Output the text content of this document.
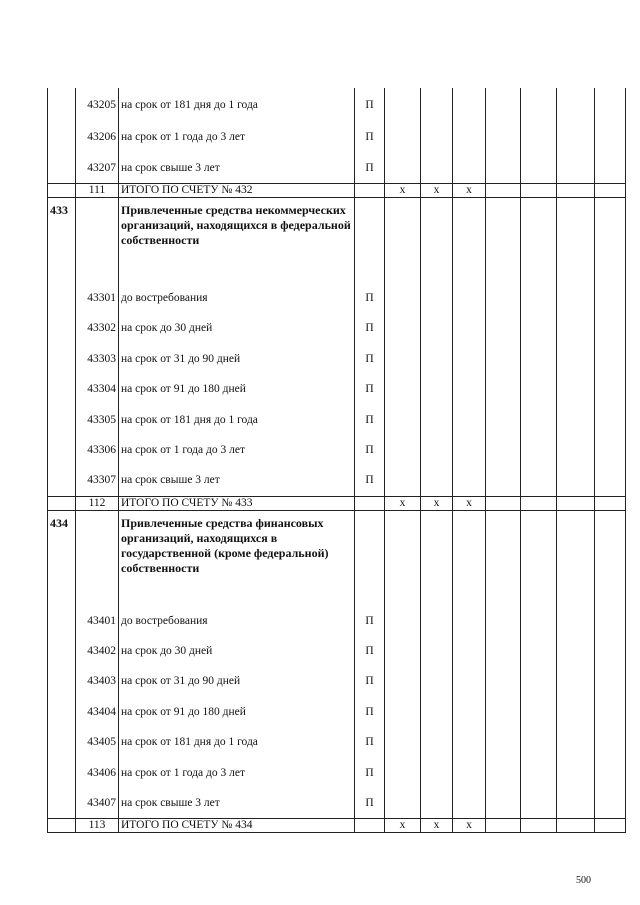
	43205	на срок от 181 дня до 1 года	П							
	43206	на срок от 1 года до 3 лет	П							
	43207	на срок свыше 3 лет	П							
	111	ИТОГО ПО СЧЕТУ № 432		х	х	х				
433		Привлеченные средства некоммерческих организаций, находящихся в федеральной собственности								
	43301	до востребования	П							
	43302	на срок до 30 дней	П							
	43303	на срок от 31 до 90 дней	П							
	43304	на срок от 91 до 180 дней	П							
	43305	на срок от 181 дня до 1 года	П							
	43306	на срок от 1 года до 3 лет	П							
	43307	на срок свыше 3 лет	П							
	112	ИТОГО ПО СЧЕТУ № 433		х	х	х				
434		Привлеченные средства финансовых организаций, находящихся в государственной (кроме федеральной) собственности								
	43401	до востребования	П							
	43402	на срок до 30 дней	П							
	43403	на срок от 31 до 90 дней	П							
	43404	на срок от 91 до 180 дней	П							
	43405	на срок от 181 дня до 1 года	П							
	43406	на срок от 1 года до 3 лет	П							
	43407	на срок свыше 3 лет	П							
	113	ИТОГО ПО СЧЕТУ № 434		х	х	х				
500
